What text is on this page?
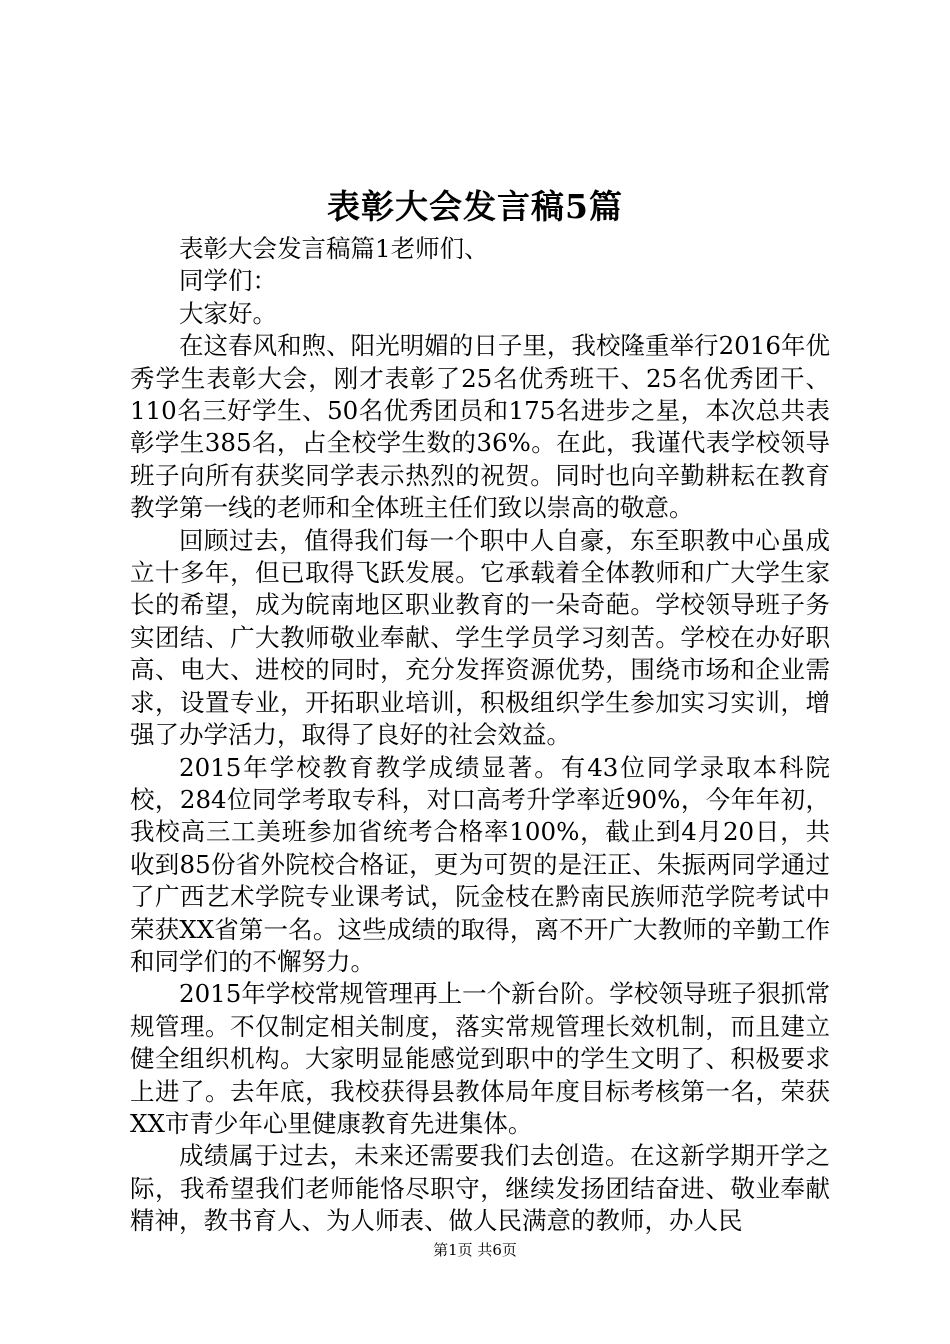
表彰大会发言稿5篇

表彰大会发言稿篇1老师们、

同学们：

大家好。

在这春风和煦、阳光明媚的日子里，我校隆重举行2016年优秀学生表彰大会，刚才表彰了25名优秀班干、25名优秀团干、110名三好学生、50名优秀团员和175名进步之星，本次总共表彰学生385名，占全校学生数的36%。在此，我谨代表学校领导班子向所有获奖同学表示热烈的祝贺。同时也向辛勤耕耘在教育教学第一线的老师和全体班主任们致以崇高的敬意。

回顾过去，值得我们每一个职中人自豪，东至职教中心虽成立十多年，但已取得飞跃发展。它承载着全体教师和广大学生家长的希望，成为皖南地区职业教育的一朵奇葩。学校领导班子务实团结、广大教师敬业奉献、学生学员学习刻苦。学校在办好职高、电大、进校的同时，充分发挥资源优势，围绕市场和企业需求，设置专业，开拓职业培训，积极组织学生参加实习实训，增强了办学活力，取得了良好的社会效益。

2015年学校教育教学成绩显著。有43位同学录取本科院校，284位同学考取专科，对口高考升学率近90%，今年年初，我校高三工美班参加省统考合格率100%，截止到4月20日，共收到85份省外院校合格证，更为可贺的是汪正、朱振两同学通过了广西艺术学院专业课考试，阮金枝在黔南民族师范学院考试中荣获XX省第一名。这些成绩的取得，离不开广大教师的辛勤工作和同学们的不懈努力。

2015年学校常规管理再上一个新台阶。学校领导班子狠抓常规管理。不仅制定相关制度，落实常规管理长效机制，而且建立健全组织机构。大家明显能感觉到职中的学生文明了、积极要求上进了。去年底，我校获得县教体局年度目标考核第一名，荣获XX市青少年心里健康教育先进集体。

成绩属于过去，未来还需要我们去创造。在这新学期开学之际，我希望我们老师能恪尽职守，继续发扬团结奋进、敬业奉献精神，教书育人、为人师表、做人民满意的教师，办人民

第1页 共6页
